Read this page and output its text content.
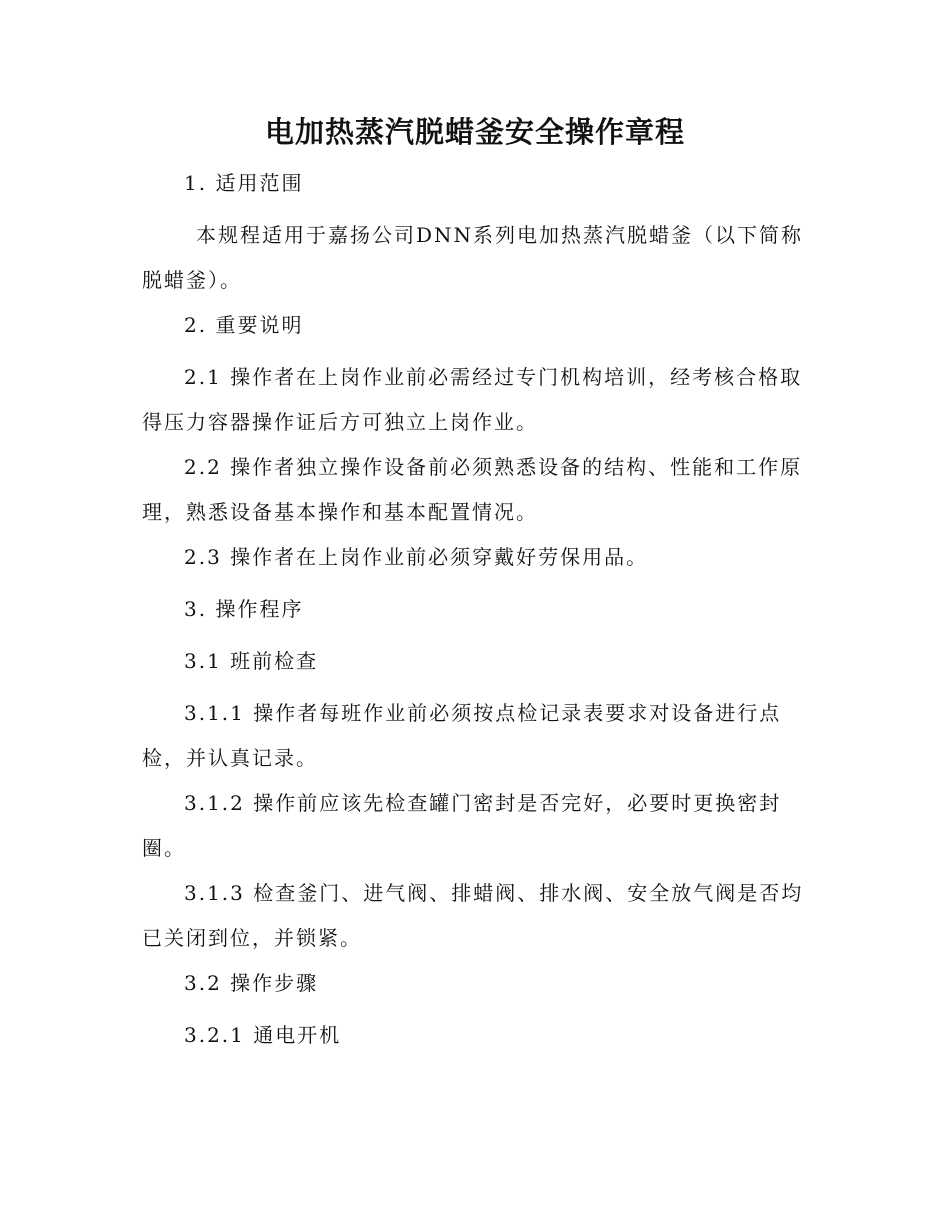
电加热蒸汽脱蜡釜安全操作章程
1. 适用范围
本规程适用于嘉扬公司DNN系列电加热蒸汽脱蜡釜（以下简称脱蜡釜）。
2. 重要说明
2.1 操作者在上岗作业前必需经过专门机构培训，经考核合格取得压力容器操作证后方可独立上岗作业。
2.2 操作者独立操作设备前必须熟悉设备的结构、性能和工作原理，熟悉设备基本操作和基本配置情况。
2.3 操作者在上岗作业前必须穿戴好劳保用品。
3. 操作程序
3.1 班前检查
3.1.1 操作者每班作业前必须按点检记录表要求对设备进行点检，并认真记录。
3.1.2 操作前应该先检查罐门密封是否完好，必要时更换密封圈。
3.1.3 检查釜门、进气阀、排蜡阀、排水阀、安全放气阀是否均已关闭到位，并锁紧。
3.2 操作步骤
3.2.1 通电开机
